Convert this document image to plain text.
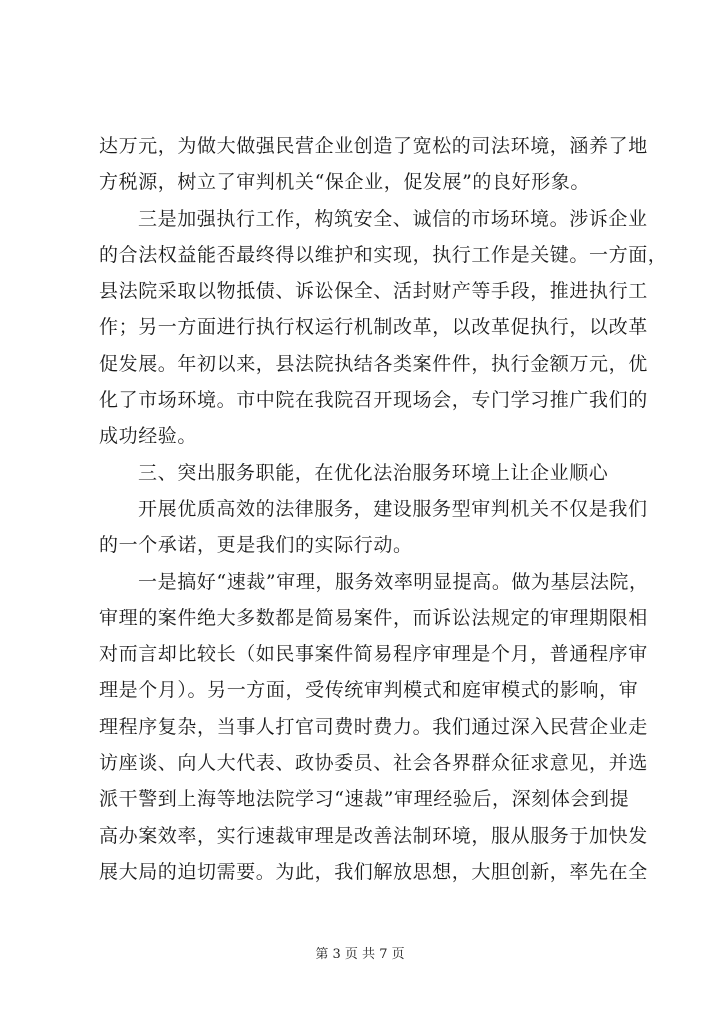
达万元，为做大做强民营企业创造了宽松的司法环境，涵养了地
方税源，树立了审判机关“保企业，促发展”的良好形象。
三是加强执行工作，构筑安全、诚信的市场环境。涉诉企业
的合法权益能否最终得以维护和实现，执行工作是关键。一方面，
县法院采取以物抵债、诉讼保全、活封财产等手段，推进执行工
作；另一方面进行执行权运行机制改革，以改革促执行，以改革
促发展。年初以来，县法院执结各类案件件，执行金额万元，优
化了市场环境。市中院在我院召开现场会，专门学习推广我们的
成功经验。
三、突出服务职能，在优化法治服务环境上让企业顺心
开展优质高效的法律服务，建设服务型审判机关不仅是我们
的一个承诺，更是我们的实际行动。
一是搞好“速裁”审理，服务效率明显提高。做为基层法院，
审理的案件绝大多数都是简易案件，而诉讼法规定的审理期限相
对而言却比较长（如民事案件简易程序审理是个月，普通程序审
理是个月）。另一方面，受传统审判模式和庭审模式的影响，审
理程序复杂，当事人打官司费时费力。我们通过深入民营企业走
访座谈、向人大代表、政协委员、社会各界群众征求意见，并选
派干警到上海等地法院学习“速裁”审理经验后，深刻体会到提
高办案效率，实行速裁审理是改善法制环境，服从服务于加快发
展大局的迫切需要。为此，我们解放思想，大胆创新，率先在全
第 3 页 共 7 页
